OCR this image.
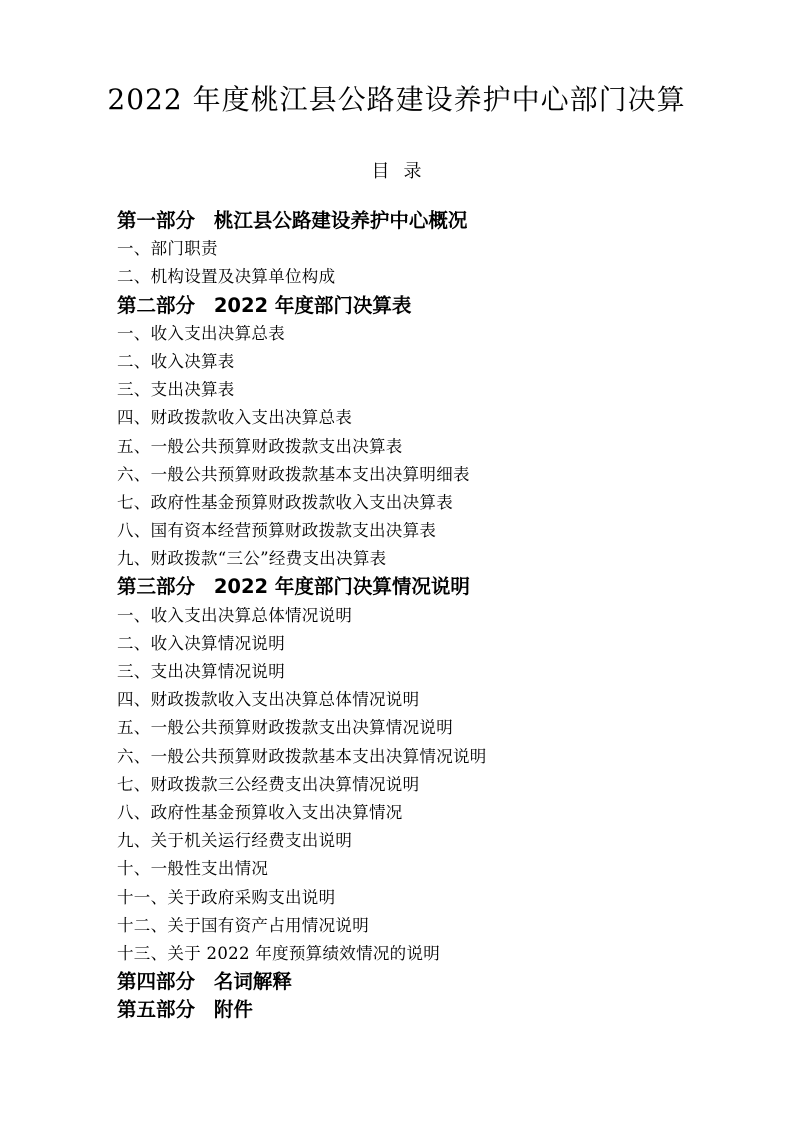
2022 年度桃江县公路建设养护中心部门决算
目录
第一部分 桃江县公路建设养护中心概况
一、部门职责
二、机构设置及决算单位构成
第二部分 2022 年度部门决算表
一、收入支出决算总表
二、收入决算表
三、支出决算表
四、财政拨款收入支出决算总表
五、一般公共预算财政拨款支出决算表
六、一般公共预算财政拨款基本支出决算明细表
七、政府性基金预算财政拨款收入支出决算表
八、国有资本经营预算财政拨款支出决算表
九、财政拨款“三公”经费支出决算表
第三部分 2022 年度部门决算情况说明
一、收入支出决算总体情况说明
二、收入决算情况说明
三、支出决算情况说明
四、财政拨款收入支出决算总体情况说明
五、一般公共预算财政拨款支出决算情况说明
六、一般公共预算财政拨款基本支出决算情况说明
七、财政拨款三公经费支出决算情况说明
八、政府性基金预算收入支出决算情况
九、关于机关运行经费支出说明
十、一般性支出情况
十一、关于政府采购支出说明
十二、关于国有资产占用情况说明
十三、关于 2022 年度预算绩效情况的说明
第四部分 名词解释
第五部分 附件
